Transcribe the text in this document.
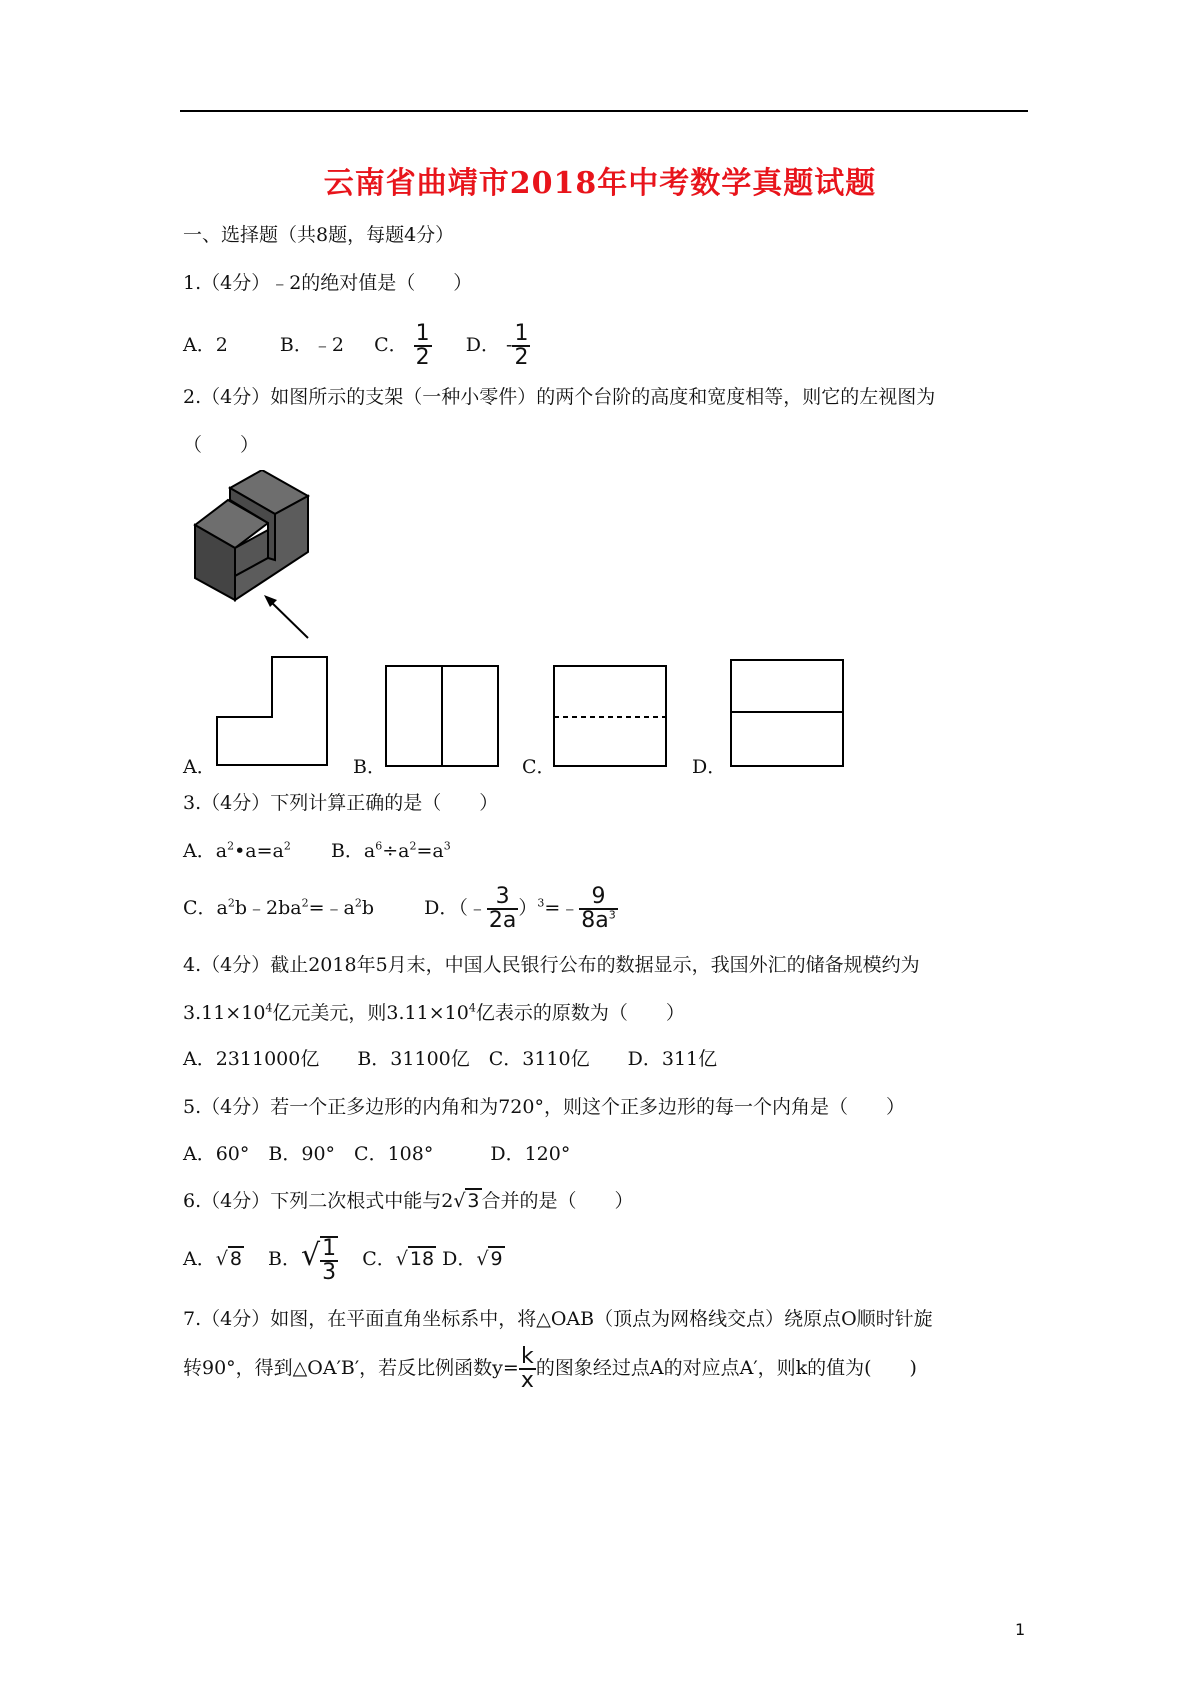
云南省曲靖市2018年中考数学真题试题
一、选择题（共8题，每题4分）
1.（4分）﹣2的绝对值是（　　）
A．2	B．﹣2 C． $\frac{1}{2}$ D． - $\frac{1}{2}$
2.（4分）如图所示的支架（一种小零件）的两个台阶的高度和宽度相等，则它的左视图为
（　　）
A．	B．	C．	D．
3.（4分）下列计算正确的是（　　）
A．$a^2•a=a^2$ B．$a^6\div a^2=a^3$
C．$a^2b﹣2ba^2=﹣a^2b$	D．（﹣ $\frac{3}{2a}$ ）$^3$=﹣ $\frac{9}{8a^3}$
4.（4分）截止2018年5月末，中国人民银行公布的数据显示，我国外汇的储备规模约为
$3.11\times 10^4$亿元美元，则$3.11\times 10^4$亿表示的原数为（　　）
A．2311000亿　　B．31100亿　C．3110亿　　D．311亿
5.（4分）若一个正多边形的内角和为720°，则这个正多边形的每一个内角是（　　）
A．60°　B．90°　C．108°　　　D．120°
6.（4分）下列二次根式中能与2√ 3 合并的是（　　）
A．√ 8 B．√ $\frac{1}{3}$ C．√ 18 D．√ 9
7.（4分）如图，在平面直角坐标系中，将△OAB（顶点为网格线交点）绕原点O顺时针旋
转90°，得到△OA′B′，若反比例函数$y= \frac{k}{x}$ 的图象经过点A的对应点A′，则k的值为(　　)
1
